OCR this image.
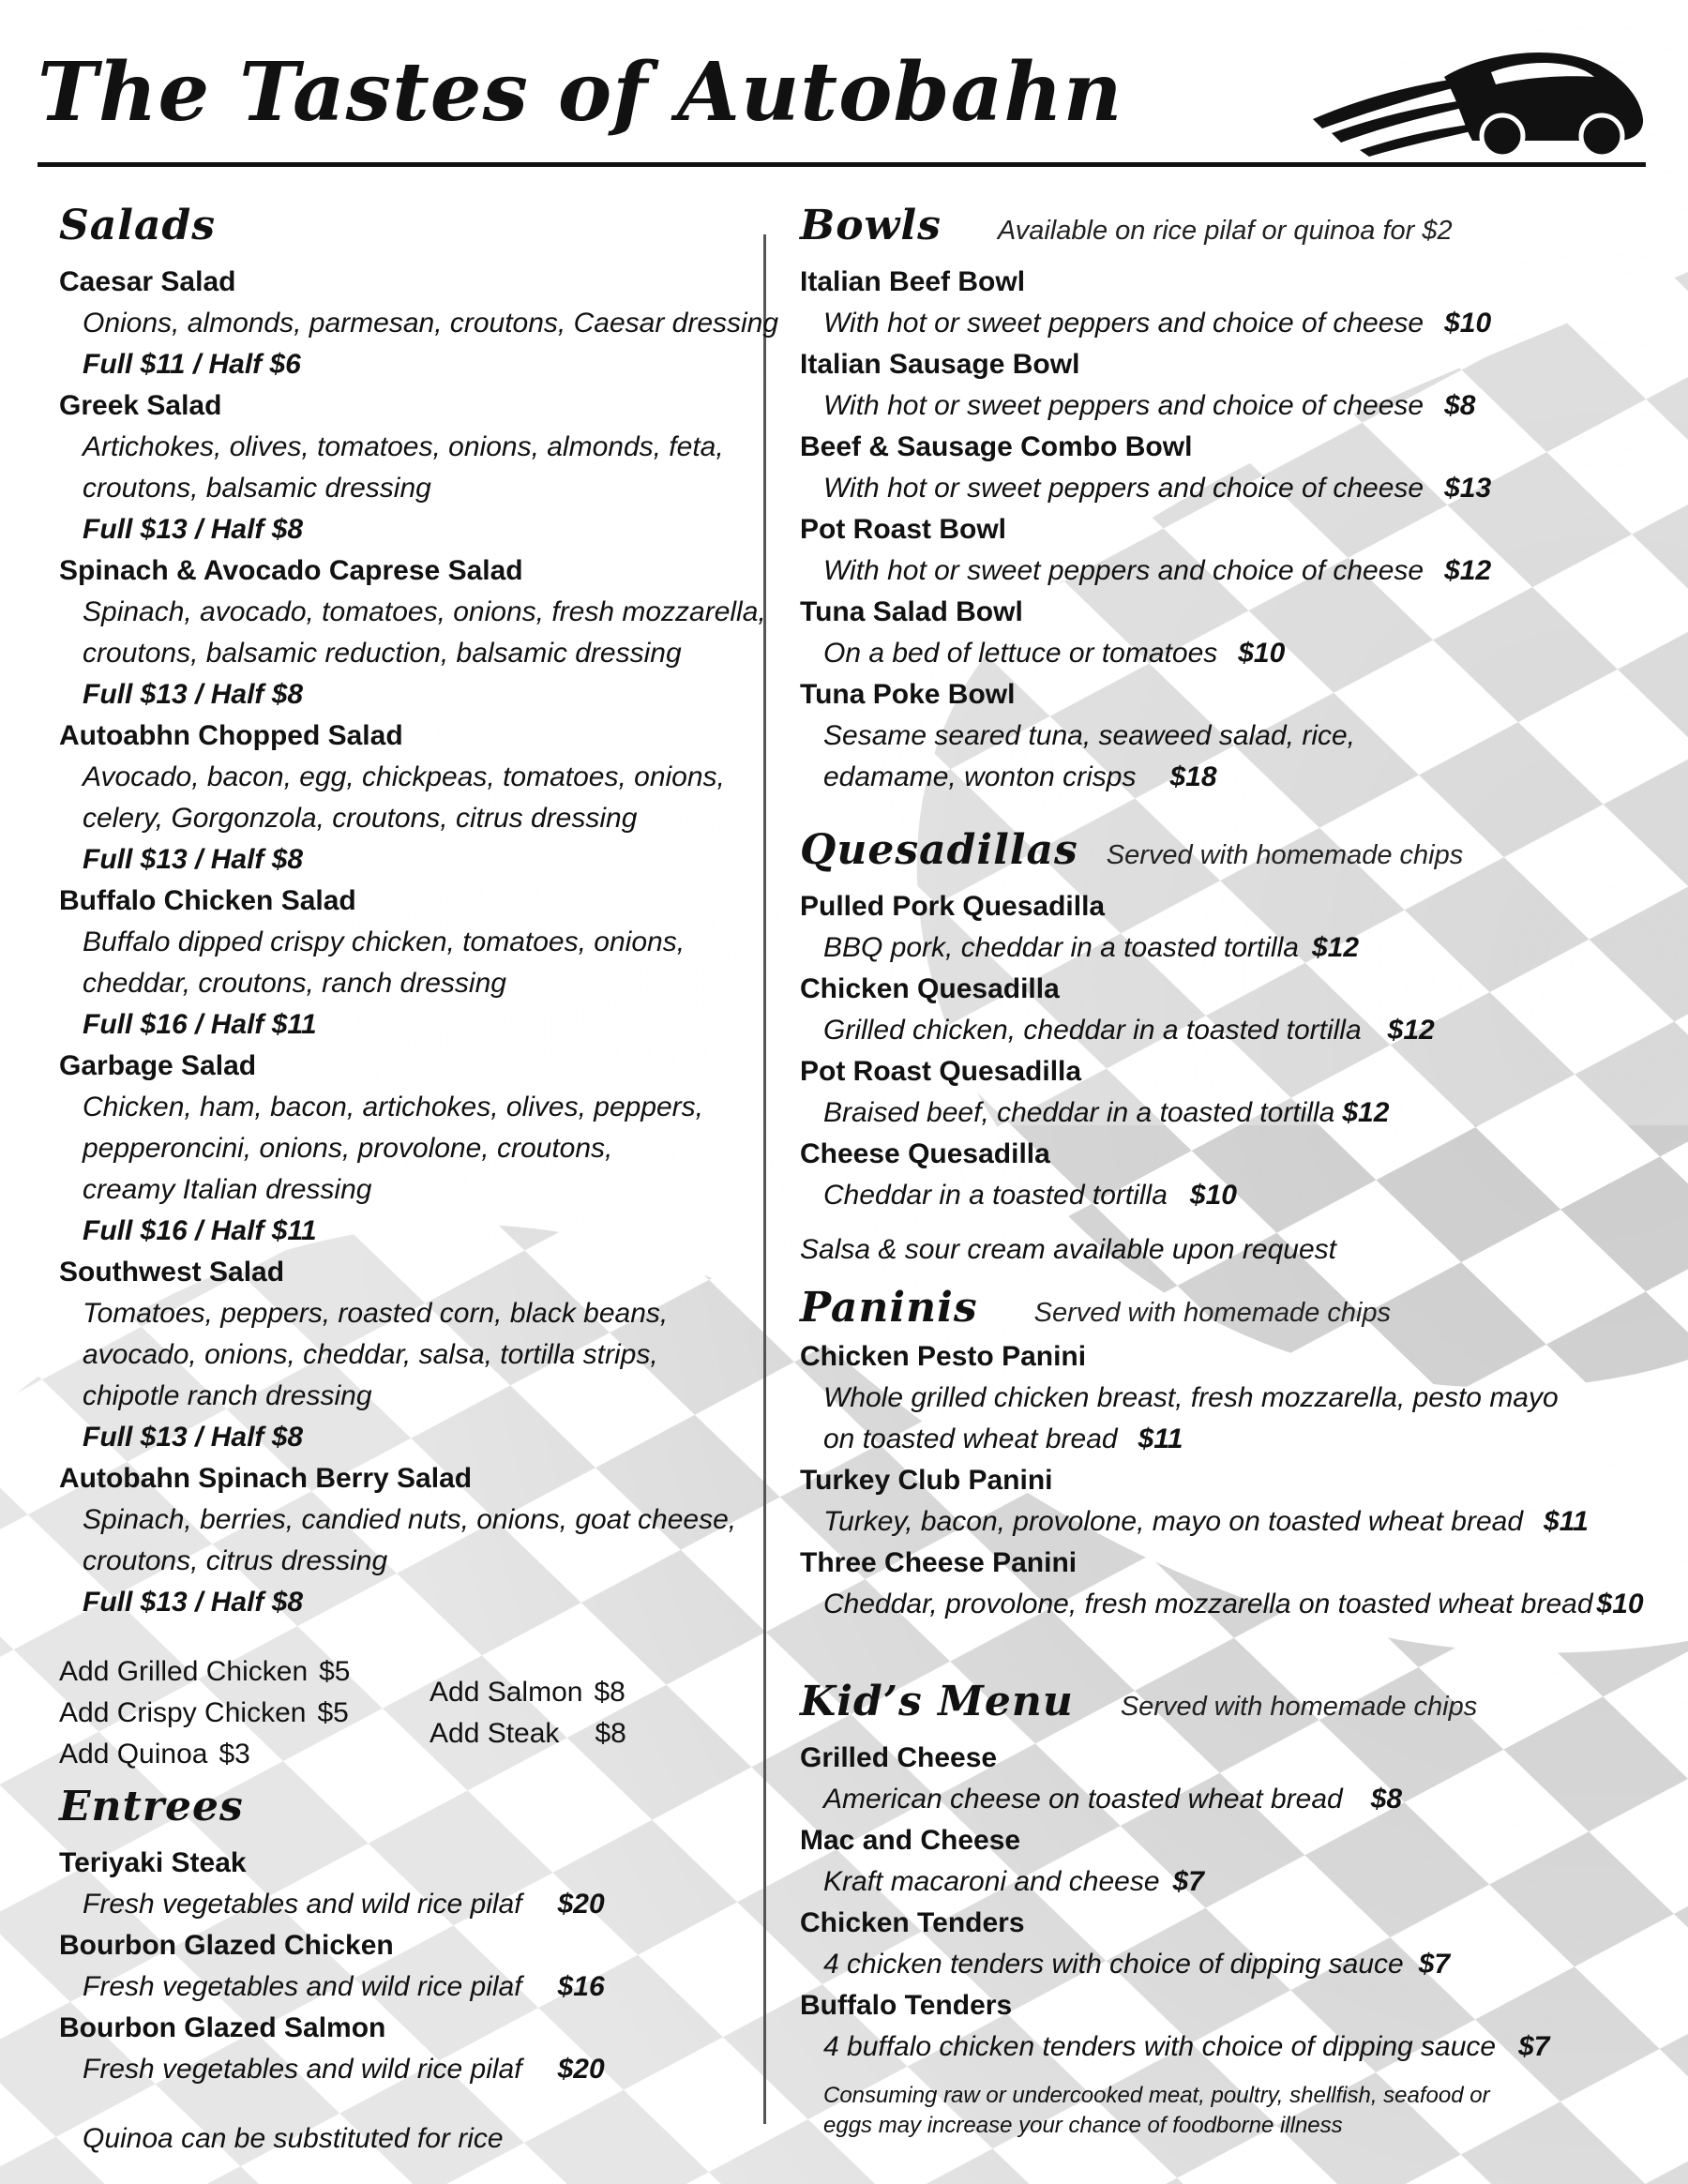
The Tastes of Autobahn
Salads
Caesar Salad
Onions, almonds, parmesan, croutons, Caesar dressing
Full $11 / Half $6
Greek Salad
Artichokes, olives, tomatoes, onions, almonds, feta,
croutons, balsamic dressing
Full $13 / Half $8
Spinach & Avocado Caprese Salad
Spinach, avocado, tomatoes, onions, fresh mozzarella,
croutons, balsamic reduction, balsamic dressing
Full $13 / Half $8
Autoabhn Chopped Salad
Avocado, bacon, egg, chickpeas, tomatoes, onions,
celery, Gorgonzola, croutons, citrus dressing
Full $13 / Half $8
Buffalo Chicken Salad
Buffalo dipped crispy chicken, tomatoes, onions,
cheddar, croutons, ranch dressing
Full $16 / Half $11
Garbage Salad
Chicken, ham, bacon, artichokes, olives, peppers,
pepperoncini, onions, provolone, croutons,
creamy Italian dressing
Full $16 / Half $11
Southwest Salad
Tomatoes, peppers, roasted corn, black beans,
avocado, onions, cheddar, salsa, tortilla strips,
chipotle ranch dressing
Full $13 / Half $8
Autobahn Spinach Berry Salad
Spinach, berries, candied nuts, onions, goat cheese,
croutons, citrus dressing
Full $13 / Half $8
Add Grilled Chicken $5
Add Crispy Chicken $5
Add Quinoa $3
Add Salmon $8
Add Steak $8
Entrees
Teriyaki Steak
Fresh vegetables and wild rice pilaf $20
Bourbon Glazed Chicken
Fresh vegetables and wild rice pilaf $16
Bourbon Glazed Salmon
Fresh vegetables and wild rice pilaf $20
Quinoa can be substituted for rice
Bowls Available on rice pilaf or quinoa for $2
Italian Beef Bowl
With hot or sweet peppers and choice of cheese $10
Italian Sausage Bowl
With hot or sweet peppers and choice of cheese $8
Beef & Sausage Combo Bowl
With hot or sweet peppers and choice of cheese $13
Pot Roast Bowl
With hot or sweet peppers and choice of cheese $12
Tuna Salad Bowl
On a bed of lettuce or tomatoes $10
Tuna Poke Bowl
Sesame seared tuna, seaweed salad, rice,
edamame, wonton crisps $18
Quesadillas Served with homemade chips
Pulled Pork Quesadilla
BBQ pork, cheddar in a toasted tortilla $12
Chicken Quesadilla
Grilled chicken, cheddar in a toasted tortilla $12
Pot Roast Quesadilla
Braised beef, cheddar in a toasted tortilla $12
Cheese Quesadilla
Cheddar in a toasted tortilla $10
Salsa & sour cream available upon request
Paninis Served with homemade chips
Chicken Pesto Panini
Whole grilled chicken breast, fresh mozzarella, pesto mayo
on toasted wheat bread $11
Turkey Club Panini
Turkey, bacon, provolone, mayo on toasted wheat bread $11
Three Cheese Panini
Cheddar, provolone, fresh mozzarella on toasted wheat bread $10
Kid’s Menu Served with homemade chips
Grilled Cheese
American cheese on toasted wheat bread $8
Mac and Cheese
Kraft macaroni and cheese $7
Chicken Tenders
4 chicken tenders with choice of dipping sauce $7
Buffalo Tenders
4 buffalo chicken tenders with choice of dipping sauce $7
Consuming raw or undercooked meat, poultry, shellfish, seafood or
eggs may increase your chance of foodborne illness
